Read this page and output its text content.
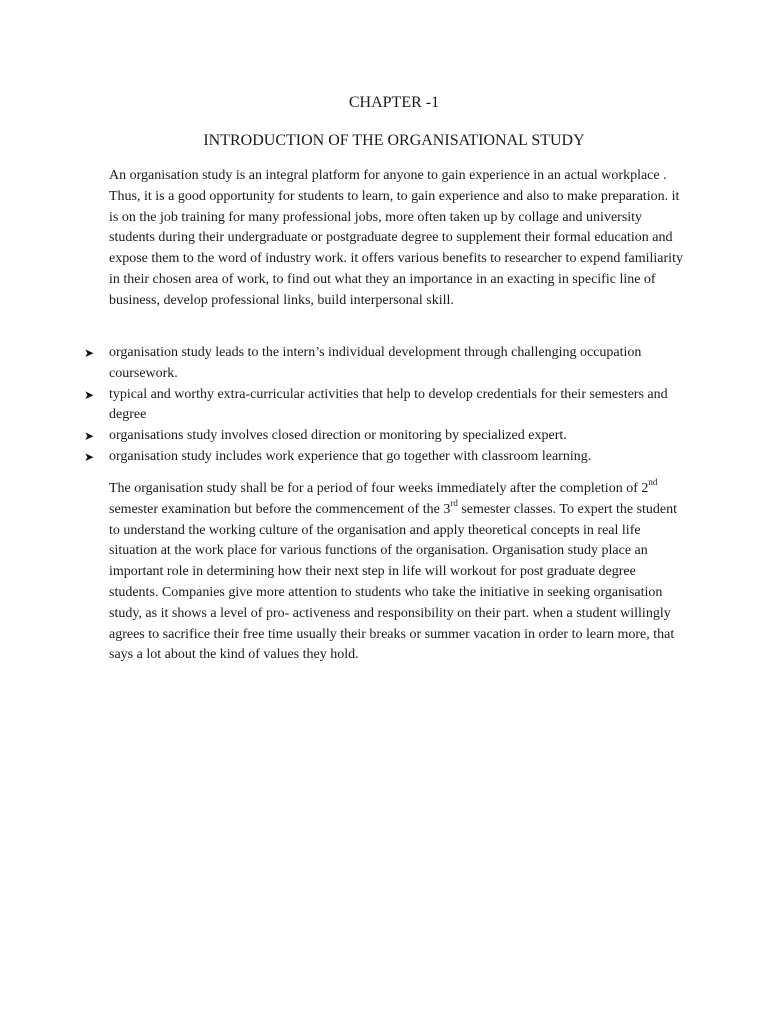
CHAPTER -1
INTRODUCTION OF THE ORGANISATIONAL STUDY

An organisation study is an integral platform for anyone to gain experience in an actual workplace . Thus, it is a good opportunity for students to learn, to gain experience and also to make preparation. it is on the job training for many professional jobs, more often taken up by collage and university students during their undergraduate or postgraduate degree to supplement their formal education and expose them to the word of industry work. it offers various benefits to researcher to expend familiarity in their chosen area of work, to find out what they an importance in an exacting in specific line of business, develop professional links, build interpersonal skill.

➤ organisation study leads to the intern’s individual development through challenging occupation coursework.
➤ typical and worthy extra-curricular activities that help to develop credentials for their semesters and degree
➤ organisations study involves closed direction or monitoring by specialized expert.
➤ organisation study includes work experience that go together with classroom learning.

The organisation study shall be for a period of four weeks immediately after the completion of 2nd semester examination but before the commencement of the 3rd semester classes. To expert the student to understand the working culture of the organisation and apply theoretical concepts in real life situation at the work place for various functions of the organisation. Organisation study place an important role in determining how their next step in life will workout for post graduate degree students. Companies give more attention to students who take the initiative in seeking organisation study, as it shows a level of pro- activeness and responsibility on their part. when a student willingly agrees to sacrifice their free time usually their breaks or summer vacation in order to learn more, that says a lot about the kind of values they hold.
